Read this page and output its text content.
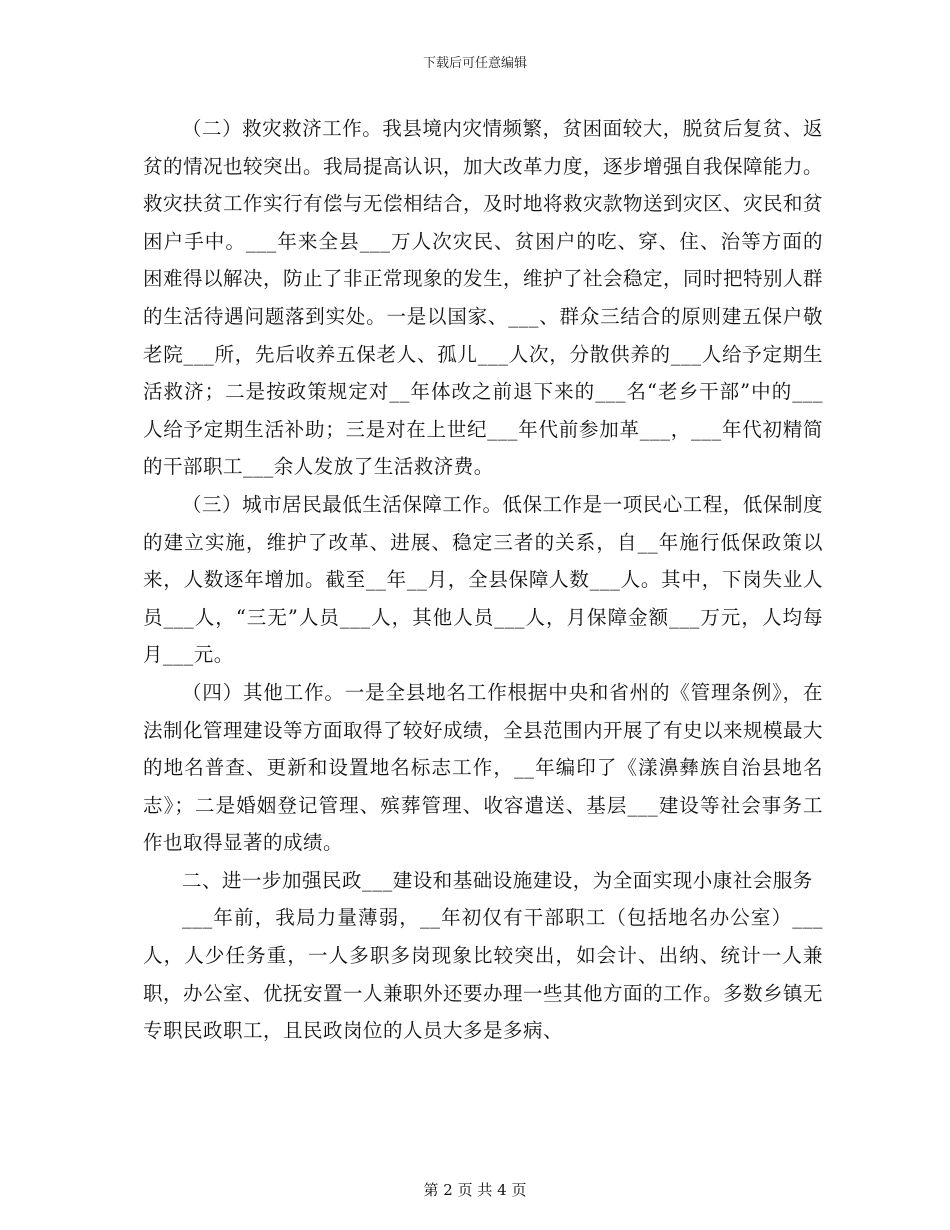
下载后可任意编辑

（二）救灾救济工作。我县境内灾情频繁，贫困面较大，脱贫后复贫、返贫的情况也较突出。我局提高认识，加大改革力度，逐步增强自我保障能力。救灾扶贫工作实行有偿与无偿相结合，及时地将救灾款物送到灾区、灾民和贫困户手中。___年来全县___万人次灾民、贫困户的吃、穿、住、治等方面的困难得以解决，防止了非正常现象的发生，维护了社会稳定，同时把特别人群的生活待遇问题落到实处。一是以国家、___、群众三结合的原则建五保户敬老院___所，先后收养五保老人、孤儿___人次，分散供养的___人给予定期生活救济；二是按政策规定对__年体改之前退下来的___名“老乡干部”中的___人给予定期生活补助；三是对在上世纪___年代前参加革___，___年代初精简的干部职工___余人发放了生活救济费。

（三）城市居民最低生活保障工作。低保工作是一项民心工程，低保制度的建立实施，维护了改革、进展、稳定三者的关系，自__年施行低保政策以来，人数逐年增加。截至__年__月，全县保障人数___人。其中，下岗失业人员___人，“三无”人员___人，其他人员___人，月保障金额___万元，人均每月___元。

（四）其他工作。一是全县地名工作根据中央和省州的《管理条例》，在法制化管理建设等方面取得了较好成绩，全县范围内开展了有史以来规模最大的地名普查、更新和设置地名标志工作，__年编印了《漾濞彝族自治县地名志》；二是婚姻登记管理、殡葬管理、收容遣送、基层___建设等社会事务工作也取得显著的成绩。

二、进一步加强民政___建设和基础设施建设，为全面实现小康社会服务

___年前，我局力量薄弱，__年初仅有干部职工（包括地名办公室）___人，人少任务重，一人多职多岗现象比较突出，如会计、出纳、统计一人兼职，办公室、优抚安置一人兼职外还要办理一些其他方面的工作。多数乡镇无专职民政职工，且民政岗位的人员大多是多病、

第 2 页 共 4 页
